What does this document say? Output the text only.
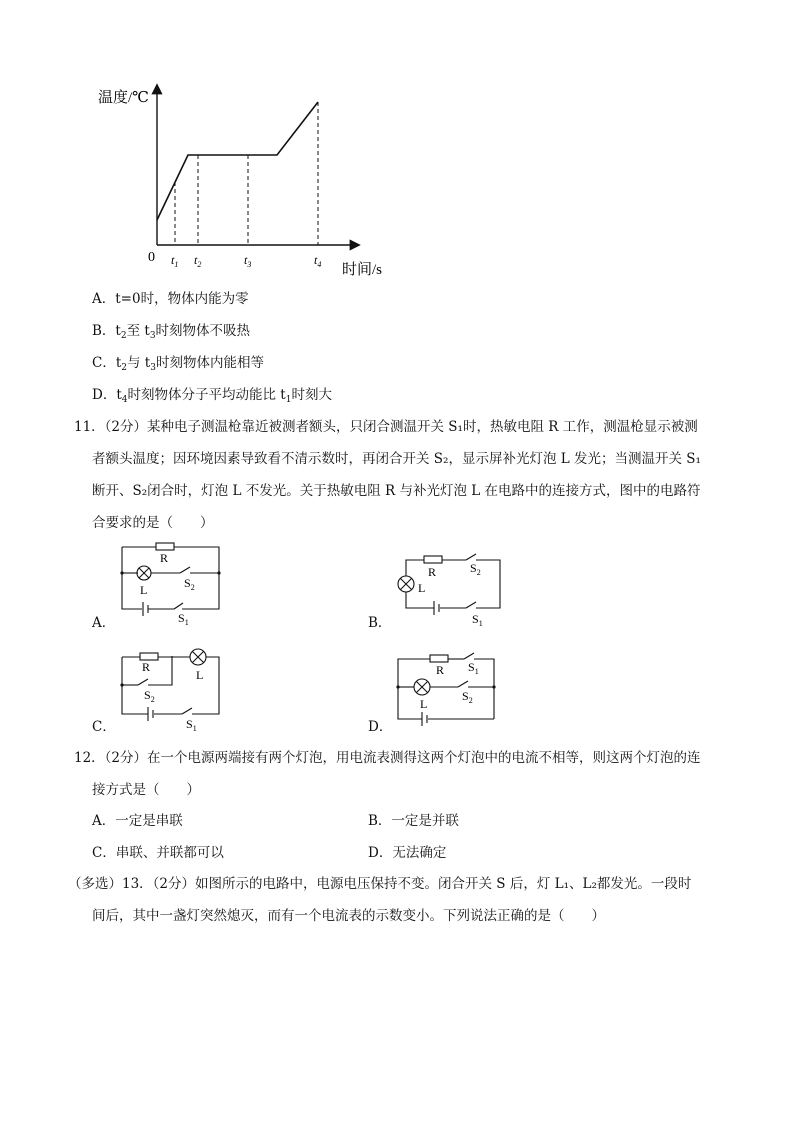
温度/℃
0
时间/s
$t_1$ $t_2$	$t_3$	$t_4$
A．t=0时，物体内能为零
B．$t_2$至 $t_3$时刻物体不吸热
C．$t_2$与 $t_3$时刻物体内能相等
D．$t_4$时刻物体分子平均动能比 $t_1$时刻大
11．（2分）某种电子测温枪靠近被测者额头，只闭合测温开关 S₁时，热敏电阻 R 工作，测温枪显示被测
者额头温度；因环境因素导致看不清示数时，再闭合开关 S₂，显示屏补光灯泡 L 发光；当测温开关 S₁
断开、S₂闭合时，灯泡 L 不发光。关于热敏电阻 R 与补光灯泡 L 在电路中的连接方式，图中的电路符
合要求的是（　　）
R
L	$S_2$
$S_1$
A．
R
L
$S_2$
$S_1$
B．
R
L
$S_2$
$S_1$
C．
R
L
$S_1$
$S_2$
D．
12．（2分）在一个电源两端接有两个灯泡，用电流表测得这两个灯泡中的电流不相等，则这两个灯泡的连
接方式是（　　）
A．一定是串联	B．一定是并联
C．串联、并联都可以	D．无法确定
（多选）13．（2分）如图所示的电路中，电源电压保持不变。闭合开关 S 后，灯 L₁、L₂都发光。一段时
间后，其中一盏灯突然熄灭，而有一个电流表的示数变小。下列说法正确的是（　　）
